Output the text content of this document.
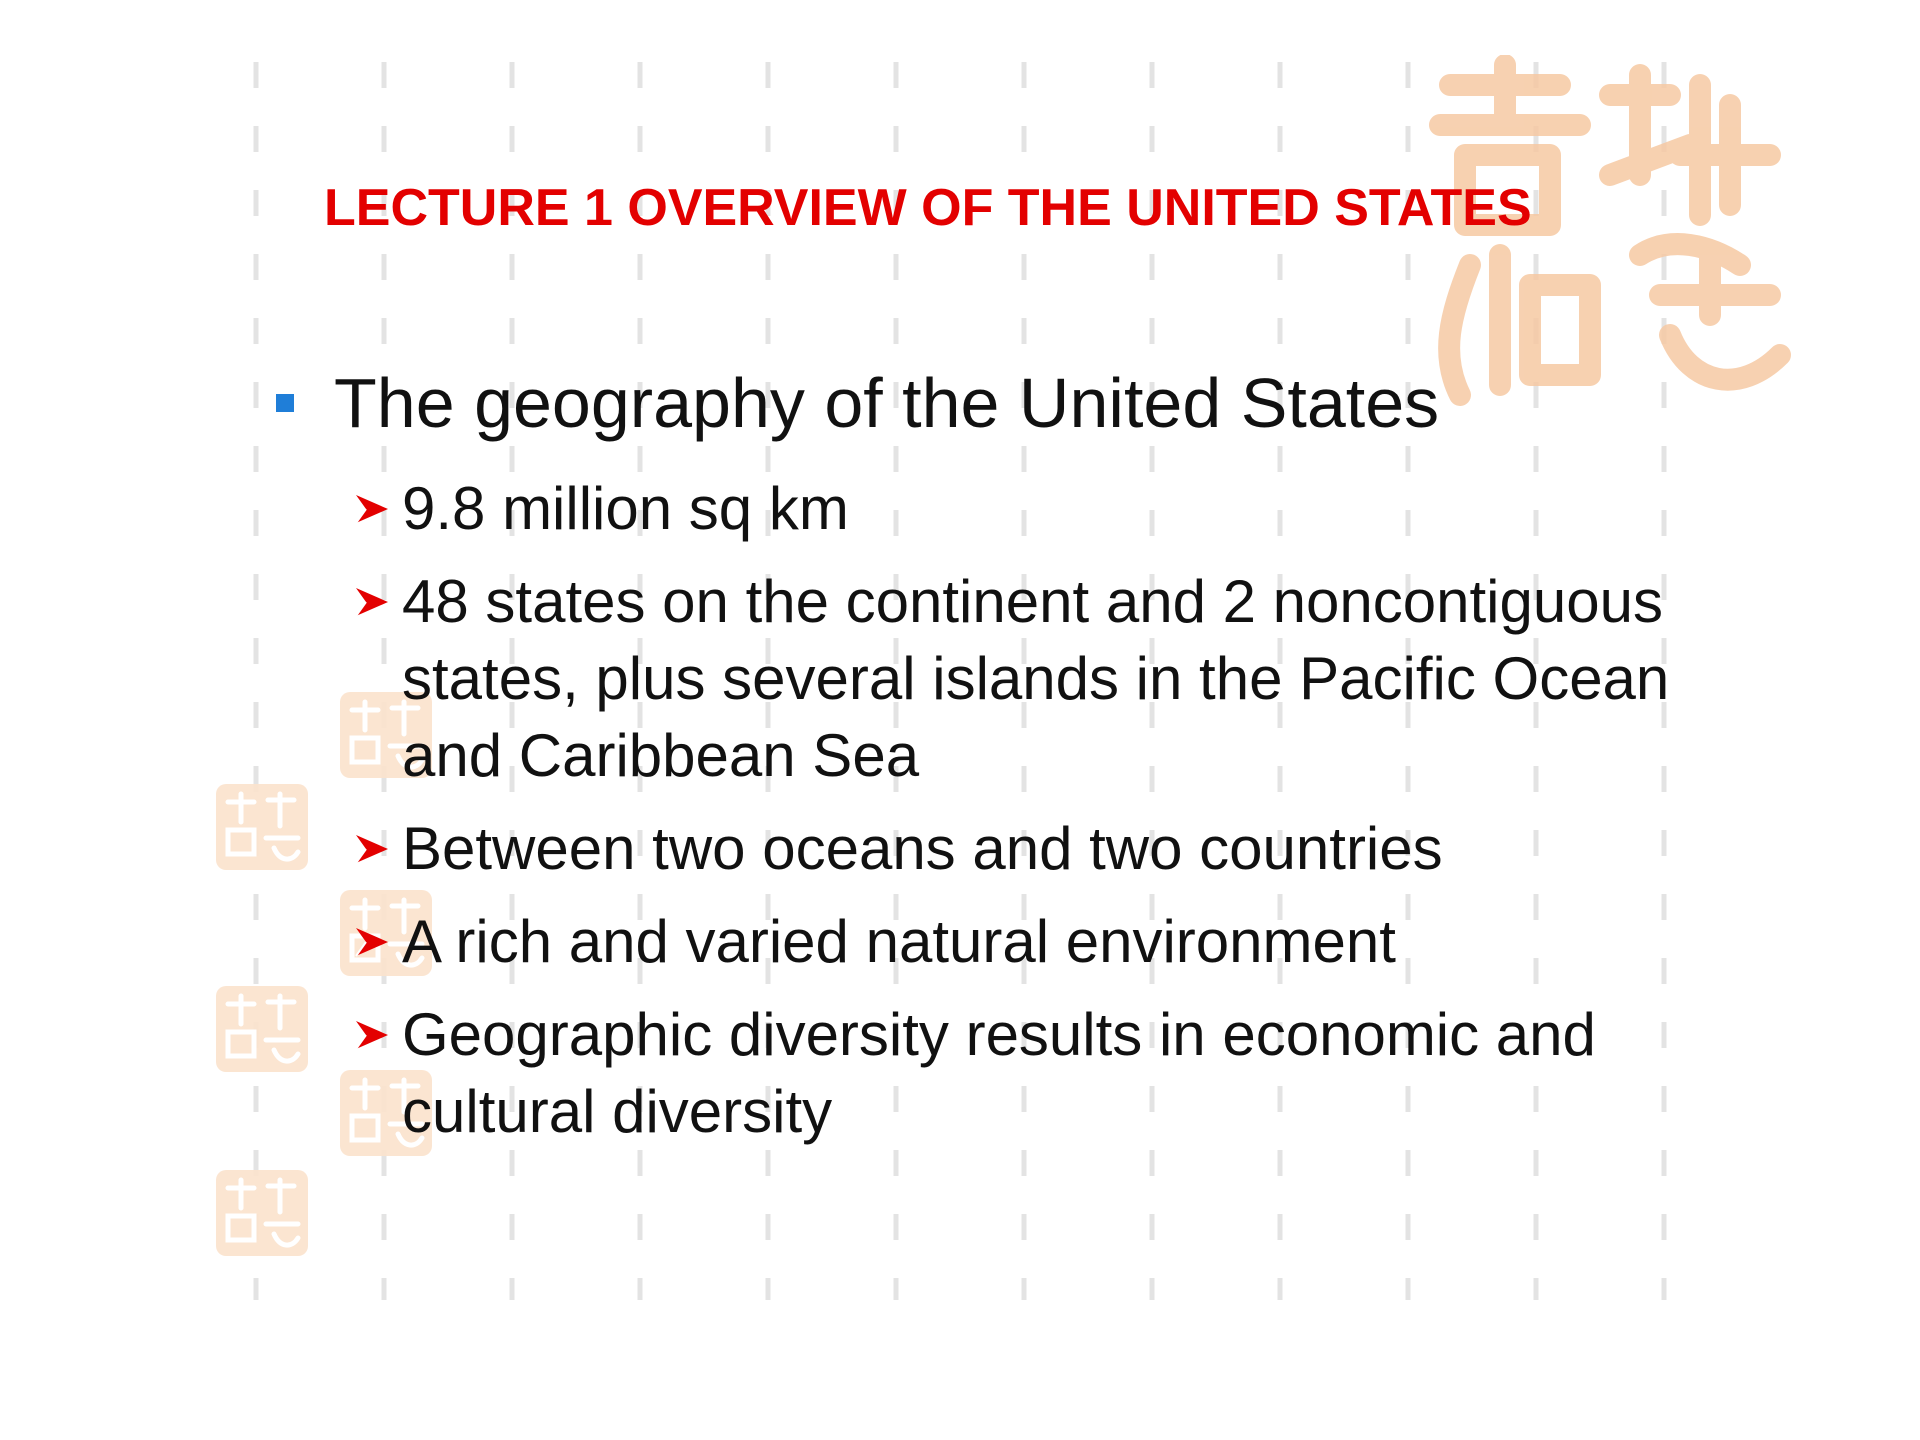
LECTURE 1 OVERVIEW OF THE UNITED STATES
The geography of the United States
9.8 million sq km
48 states on the continent and 2 noncontiguous states, plus several islands in the Pacific Ocean and Caribbean Sea
Between two oceans and two countries
A rich and varied natural environment
Geographic diversity results in economic and cultural diversity
